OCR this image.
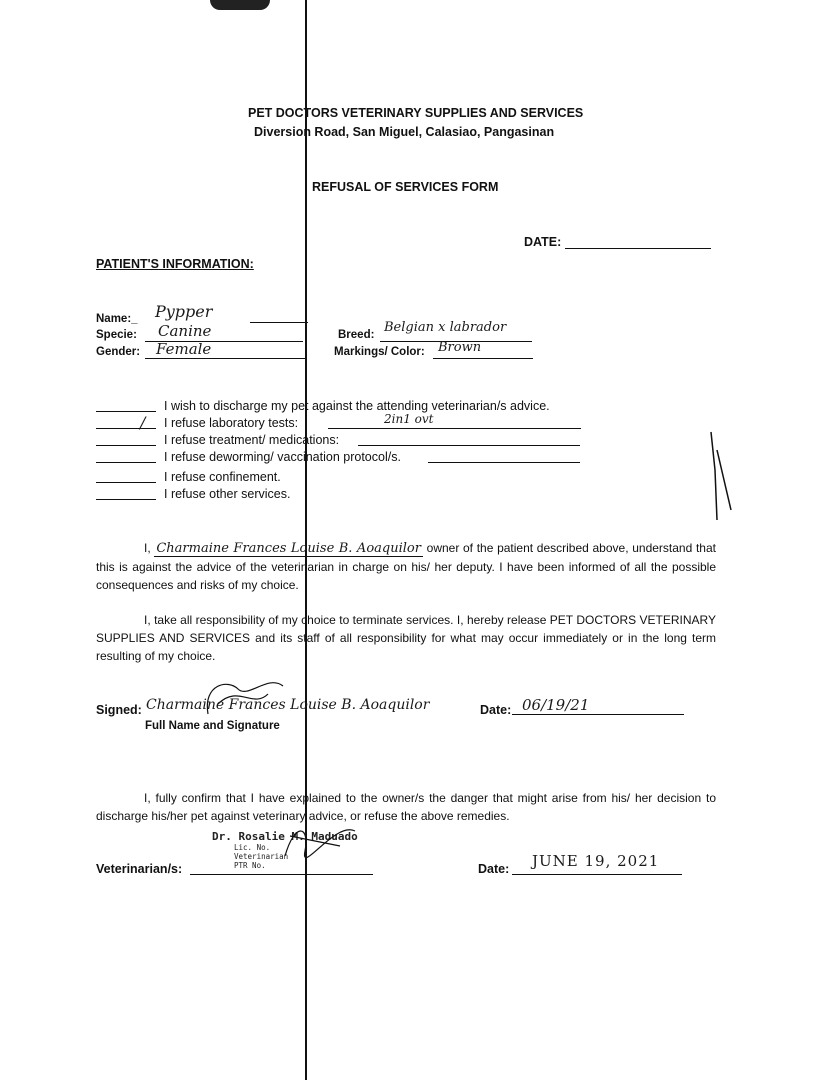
PET DOCTORS VETERINARY SUPPLIES AND SERVICES
Diversion Road, San Miguel, Calasiao, Pangasinan
REFUSAL OF SERVICES FORM
DATE:
PATIENT'S INFORMATION:
Name:_ Pypper
Specie: Canine
Gender: Female
Breed: Belgian x labrador
Markings/ Color: Brown
I wish to discharge my pet against the attending veterinarian/s advice.
/ I refuse laboratory tests:	2in1 ovt
I refuse treatment/ medications:
I refuse deworming/ vaccination protocol/s.
I refuse confinement.
I refuse other services.
I, Charmaine Frances Louise B. Aoaquilor owner of the patient described above, understand that this is against the advice of the veterinarian in charge on his/ her deputy. I have been informed of all the possible consequences and risks of my choice.
I, take all responsibility of my choice to terminate services. I, hereby release PET DOCTORS VETERINARY SUPPLIES AND SERVICES and its staff of all responsibility for what may occur immediately or in the long term resulting of my choice.
Signed: Charmaine Frances Louise B. Aoaquilor
Full Name and Signature
Date: 06/19/21
I, fully confirm that I have explained to the owner/s the danger that might arise from his/ her decision to discharge his/her pet against veterinary advice, or refuse the above remedies.
Dr. Rosalie M. Maduado
Lic. No.
Veterinarian
PTR No.
Veterinarian/s:	Date: JUNE 19, 2021
